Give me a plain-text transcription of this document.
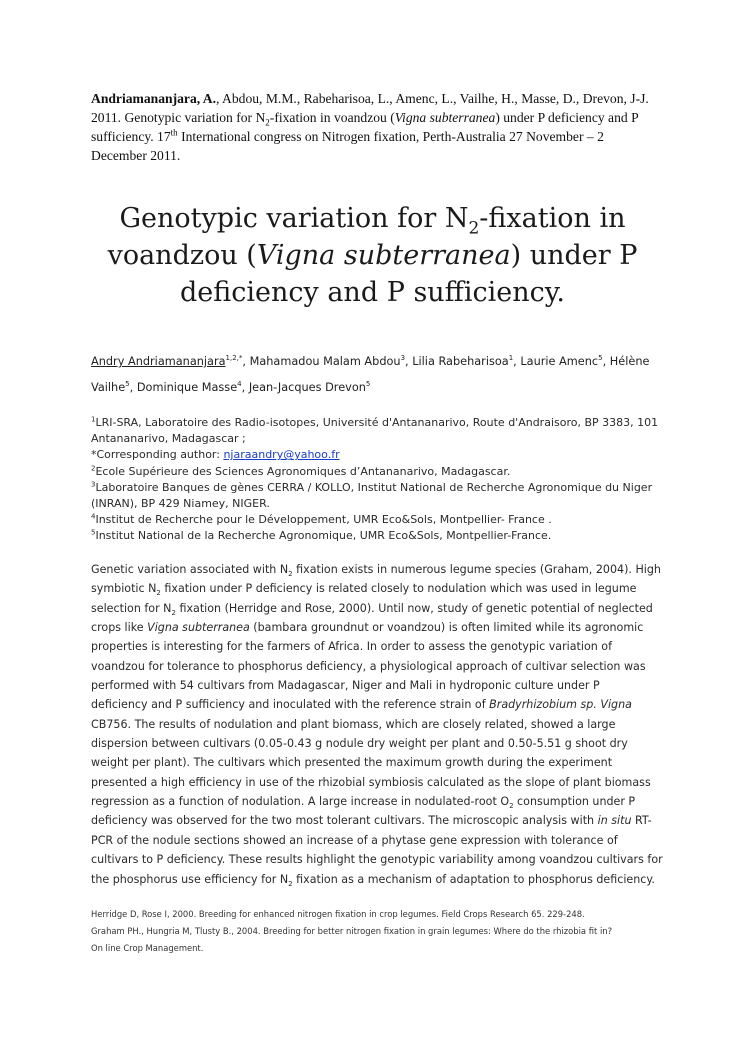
Andriamananjara, A., Abdou, M.M., Rabeharisoa, L., Amenc, L., Vailhe, H., Masse, D., Drevon, J-J. 2011. Genotypic variation for $N_2$-fixation in voandzou (Vigna subterranea) under P deficiency and P sufficiency. 17th International congress on Nitrogen fixation, Perth-Australia 27 November – 2 December 2011.
Genotypic variation for $N_2$-fixation in voandzou (Vigna subterranea) under P deficiency and P sufficiency.
Andry Andriamananjara$^{1,2,*}$, Mahamadou Malam Abdou$^3$, Lilia Rabeharisoa$^1$, Laurie Amenc$^5$, Hélène Vailhe$^5$, Dominique Masse$^4$, Jean-Jacques Drevon$^5$
$^1$LRI-SRA, Laboratoire des Radio-isotopes, Université d'Antananarivo, Route d'Andraisoro, BP 3383, 101 Antananarivo, Madagascar ;
*Corresponding author: njaraandry@yahoo.fr
$^2$Ecole Supérieure des Sciences Agronomiques d’Antananarivo, Madagascar.
$^3$Laboratoire Banques de gènes CERRA / KOLLO, Institut National de Recherche Agronomique du Niger (INRAN), BP 429 Niamey, NIGER.
$^4$Institut de Recherche pour le Développement, UMR Eco&Sols, Montpellier- France .
$^5$Institut National de la Recherche Agronomique, UMR Eco&Sols, Montpellier-France.
Genetic variation associated with $N_2$ fixation exists in numerous legume species (Graham, 2004). High
symbiotic $N_2$ fixation under P deficiency is related closely to nodulation which was used in legume
selection for $N_2$ fixation (Herridge and Rose, 2000). Until now, study of genetic potential of neglected
crops like Vigna subterranea (bambara groundnut or voandzou) is often limited while its agronomic
properties is interesting for the farmers of Africa. In order to assess the genotypic variation of
voandzou for tolerance to phosphorus deficiency, a physiological approach of cultivar selection was
performed with 54 cultivars from Madagascar, Niger and Mali in hydroponic culture under P
deficiency and P sufficiency and inoculated with the reference strain of Bradyrhizobium sp. Vigna
CB756. The results of nodulation and plant biomass, which are closely related, showed a large
dispersion between cultivars (0.05-0.43 g nodule dry weight per plant and 0.50-5.51 g shoot dry
weight per plant). The cultivars which presented the maximum growth during the experiment
presented a high efficiency in use of the rhizobial symbiosis calculated as the slope of plant biomass
regression as a function of nodulation. A large increase in nodulated-root $O_2$ consumption under P
deficiency was observed for the two most tolerant cultivars. The microscopic analysis with in situ RT-
PCR of the nodule sections showed an increase of a phytase gene expression with tolerance of
cultivars to P deficiency. These results highlight the genotypic variability among voandzou cultivars for
the phosphorus use efficiency for $N_2$ fixation as a mechanism of adaptation to phosphorus deficiency.
Herridge D, Rose I, 2000. Breeding for enhanced nitrogen fixation in crop legumes. Field Crops Research 65. 229-248.
Graham PH., Hungria M, Tlusty B., 2004. Breeding for better nitrogen fixation in grain legumes: Where do the rhizobia fit in?
On line Crop Management.
